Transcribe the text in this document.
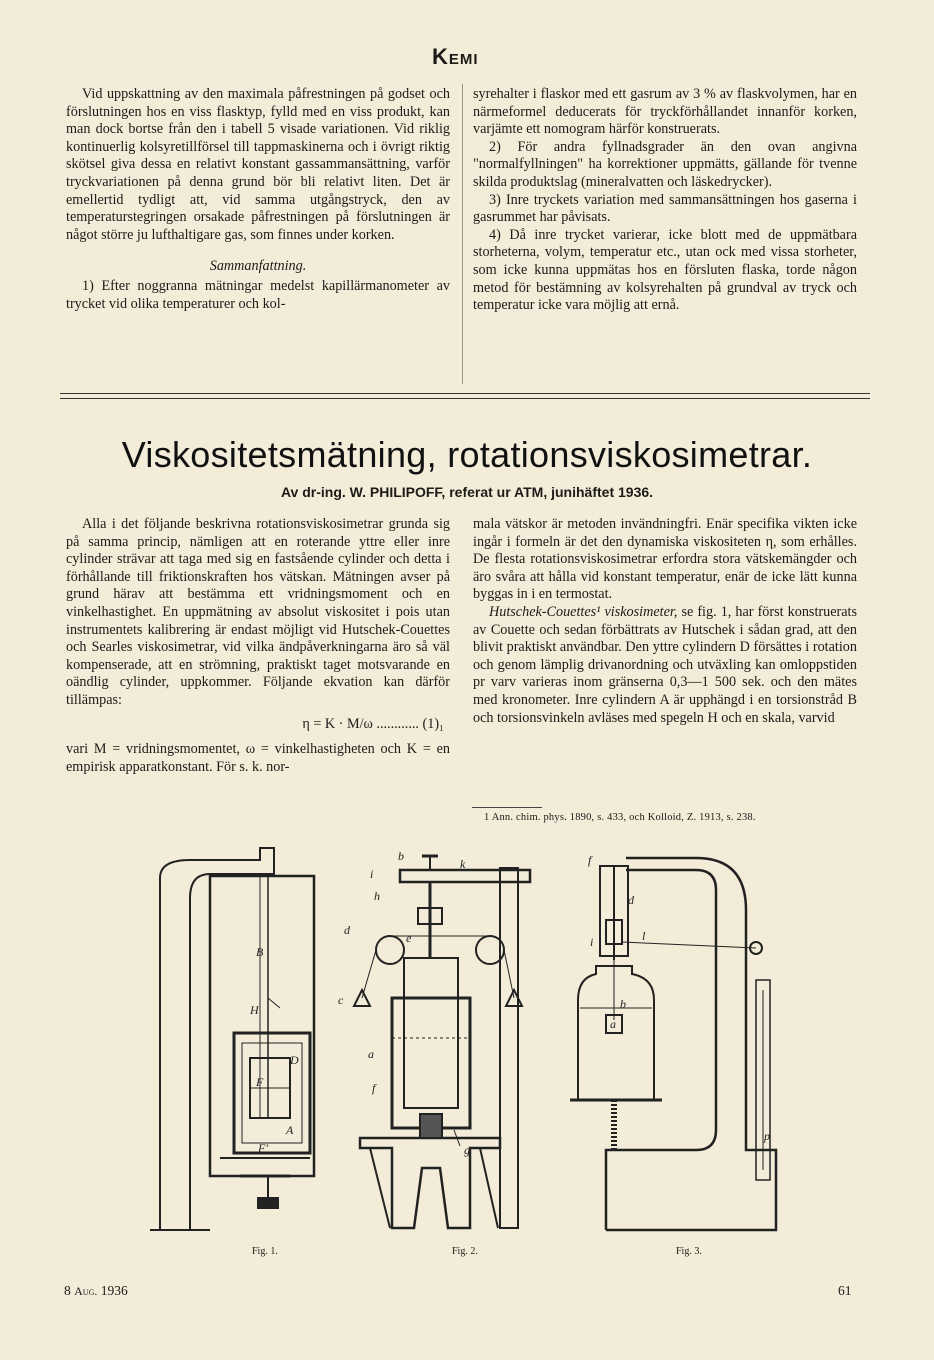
Kemi

Vid uppskattning av den maximala påfrestningen på godset och förslutningen hos en viss flasktyp, fylld med en viss produkt, kan man dock bortse från den i tabell 5 visade variationen. Vid riklig kontinuerlig kolsyretillförsel till tappmaskinerna och i övrigt riktig skötsel giva dessa en relativt konstant gassammansättning, varför tryckvariationen på denna grund bör bli relativt liten. Det är emellertid tydligt att, vid samma utgångstryck, den av temperaturstegringen orsakade påfrestningen på förslutningen är något större ju lufthaltigare gas, som finnes under korken.

Sammanfattning.

1) Efter noggranna mätningar medelst kapillärmanometer av trycket vid olika temperaturer och kol-

syrehalter i flaskor med ett gasrum av 3 % av flaskvolymen, har en närmeformel deducerats för tryckförhållandet innanför korken, varjämte ett nomogram härför konstruerats.

2) För andra fyllnadsgrader än den ovan angivna "normalfyllningen" ha korrektioner uppmätts, gällande för tvenne skilda produktslag (mineralvatten och läskedrycker).

3) Inre tryckets variation med sammansättningen hos gaserna i gasrummet har påvisats.

4) Då inre trycket varierar, icke blott med de uppmätbara storheterna, volym, temperatur etc., utan ock med vissa storheter, som icke kunna uppmätas hos en försluten flaska, torde någon metod för bestämning av kolsyrehalten på grundval av tryck och temperatur icke vara möjlig att ernå.

Viskositetsmätning, rotationsviskosimetrar.
Av dr-ing. W. PHILIPOFF, referat ur ATM, junihäftet 1936.

Alla i det följande beskrivna rotationsviskosimetrar grunda sig på samma princip, nämligen att en roterande yttre eller inre cylinder strävar att taga med sig en fastsående cylinder och detta i förhållande till friktionskraften hos vätskan. Mätningen avser på grund härav att bestämma ett vridningsmoment och en vinkelhastighet. En uppmätning av absolut viskositet i pois utan instrumentets kalibrering är endast möjligt vid Hutschek-Couettes och Searles viskosimetrar, vid vilka ändpåverkningarna äro så väl kompenserade, att en strömning, praktiskt taget motsvarande en oändlig cylinder, uppkommer. Följande ekvation kan därför tillämpas:

η = K · M/ω ............ (1)₁

vari M = vridningsmomentet, ω = vinkelhastigheten och K = en empirisk apparatkonstant. För s. k. nor-

mala vätskor är metoden invändningfri. Enär specifika vikten icke ingår i formeln är det den dynamiska viskositeten η, som erhålles. De flesta rotationsviskosimetrar erfordra stora vätskemängder och äro svåra att hålla vid konstant temperatur, enär de icke lätt kunna byggas in i en termostat.

Hutschek-Couettes¹ viskosimeter, se fig. 1, har först konstruerats av Couette och sedan förbättrats av Hutschek i sådan grad, att den blivit praktiskt användbar. Den yttre cylindern D försättes i rotation och genom lämplig drivanordning och utväxling kan omloppstiden pr varv varieras inom gränserna 0,3—1 500 sek. och den mätes med kronometer. Inre cylindern A är upphängd i en torsionstråd B och torsionsvinkeln avläses med spegeln H och en skala, varvid

1 Ann. chim. phys. 1890, s. 433, och Kolloid, Z. 1913, s. 238.
B
H
D
F
A
F'
b
k
i
h
d
e
c
a
f
g
f
d
i	l
b
a
p
Fig. 1.	Fig. 2.	Fig. 3.
8 Aug. 1936	61
